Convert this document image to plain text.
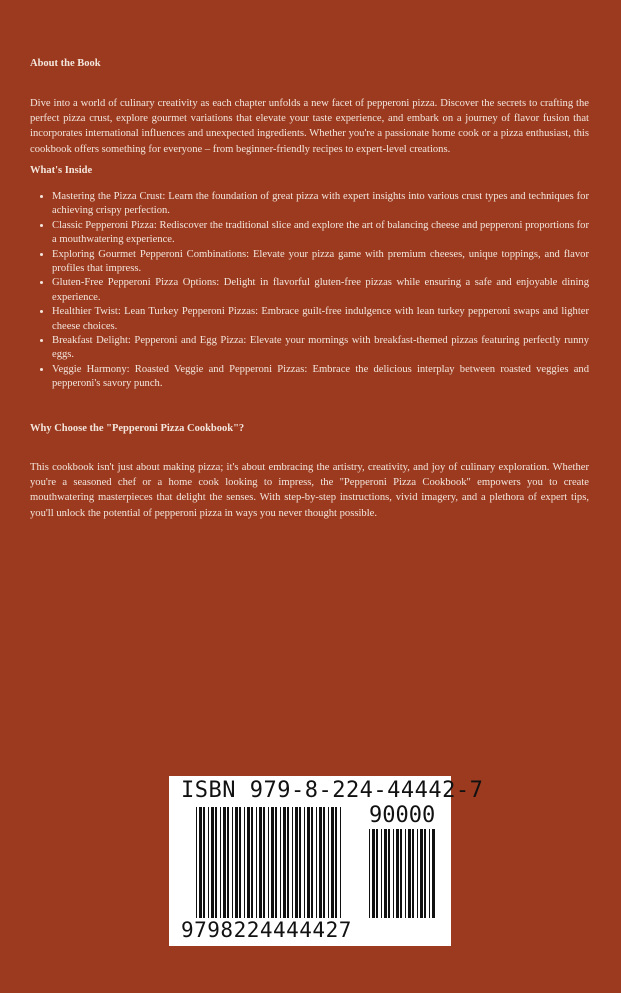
About the Book
Dive into a world of culinary creativity as each chapter unfolds a new facet of pepperoni pizza. Discover the secrets to crafting the perfect pizza crust, explore gourmet variations that elevate your taste experience, and embark on a journey of flavor fusion that incorporates international influences and unexpected ingredients. Whether you're a passionate home cook or a pizza enthusiast, this cookbook offers something for everyone – from beginner-friendly recipes to expert-level creations.
What's Inside
• Mastering the Pizza Crust: Learn the foundation of great pizza with expert insights into various crust types and techniques for achieving crispy perfection.
• Classic Pepperoni Pizza: Rediscover the traditional slice and explore the art of balancing cheese and pepperoni proportions for a mouthwatering experience.
• Exploring Gourmet Pepperoni Combinations: Elevate your pizza game with premium cheeses, unique toppings, and flavor profiles that impress.
• Gluten-Free Pepperoni Pizza Options: Delight in flavorful gluten-free pizzas while ensuring a safe and enjoyable dining experience.
• Healthier Twist: Lean Turkey Pepperoni Pizzas: Embrace guilt-free indulgence with lean turkey pepperoni swaps and lighter cheese choices.
• Breakfast Delight: Pepperoni and Egg Pizza: Elevate your mornings with breakfast-themed pizzas featuring perfectly runny eggs.
• Veggie Harmony: Roasted Veggie and Pepperoni Pizzas: Embrace the delicious interplay between roasted veggies and pepperoni's savory punch.
Why Choose the "Pepperoni Pizza Cookbook"?
This cookbook isn't just about making pizza; it's about embracing the artistry, creativity, and joy of culinary exploration. Whether you're a seasoned chef or a home cook looking to impress, the "Pepperoni Pizza Cookbook" empowers you to create mouthwatering masterpieces that delight the senses. With step-by-step instructions, vivid imagery, and a plethora of expert tips, you'll unlock the potential of pepperoni pizza in ways you never thought possible.
ISBN 979-8-224-44442-7
90000
9798224444427
